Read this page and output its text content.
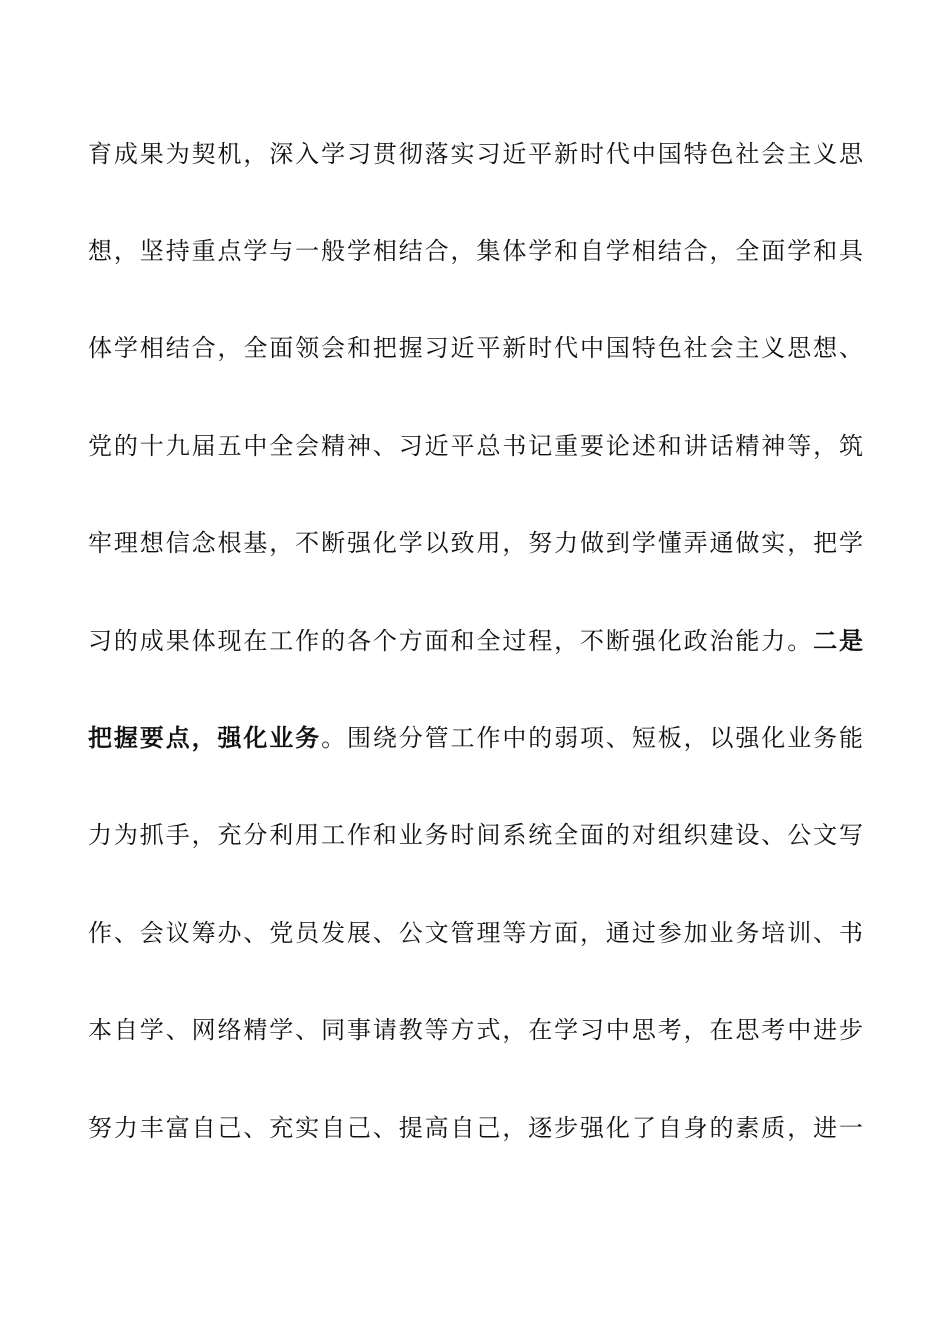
育成果为契机，深入学习贯彻落实习近平新时代中国特色社会主义思
想，坚持重点学与一般学相结合，集体学和自学相结合，全面学和具
体学相结合，全面领会和把握习近平新时代中国特色社会主义思想、
党的十九届五中全会精神、习近平总书记重要论述和讲话精神等，筑
牢理想信念根基，不断强化学以致用，努力做到学懂弄通做实，把学
习的成果体现在工作的各个方面和全过程，不断强化政治能力。二是
把握要点，强化业务。围绕分管工作中的弱项、短板，以强化业务能
力为抓手，充分利用工作和业务时间系统全面的对组织建设、公文写
作、会议筹办、党员发展、公文管理等方面，通过参加业务培训、书
本自学、网络精学、同事请教等方式，在学习中思考，在思考中进步
努力丰富自己、充实自己、提高自己，逐步强化了自身的素质，进一
